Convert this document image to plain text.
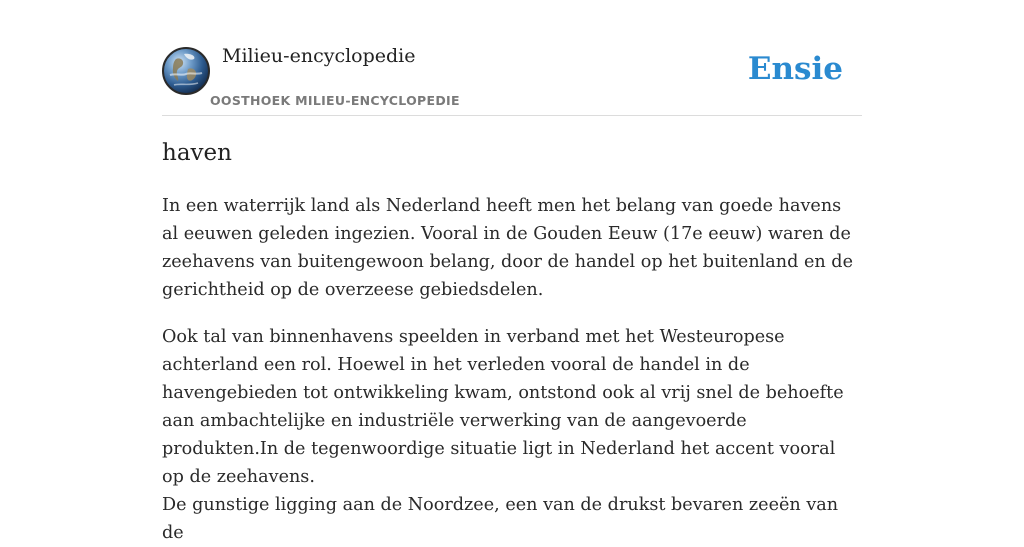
Milieu-encyclopedie
OOSTHOEK MILIEU-ENCYCLOPEDIE
Ensie
haven

In een waterrijk land als Nederland heeft men het belang van goede havens al eeuwen geleden ingezien. Vooral in de Gouden Eeuw (17e eeuw) waren de zeehavens van buitengewoon belang, door de handel op het buitenland en de gerichtheid op de overzeese gebiedsdelen.

Ook tal van binnenhavens speelden in verband met het Westeuropese achterland een rol. Hoewel in het verleden vooral de handel in de havengebieden tot ontwikkeling kwam, ontstond ook al vrij snel de behoefte aan ambachtelijke en industriële verwerking van de aangevoerde produkten.In de tegenwoordige situatie ligt in Nederland het accent vooral op de zeehavens.

De gunstige ligging aan de Noordzee, een van de drukst bevaren zeeën van de
